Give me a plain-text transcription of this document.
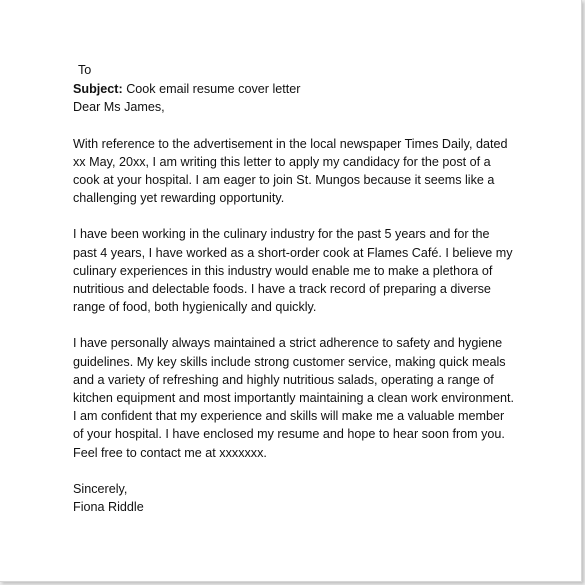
To
Subject: Cook email resume cover letter
Dear Ms James,
With reference to the advertisement in the local newspaper Times Daily, dated
xx May, 20xx, I am writing this letter to apply my candidacy for the post of a
cook at your hospital. I am eager to join St. Mungos because it seems like a
challenging yet rewarding opportunity.
I have been working in the culinary industry for the past 5 years and for the
past 4 years, I have worked as a short-order cook at Flames Café. I believe my
culinary experiences in this industry would enable me to make a plethora of
nutritious and delectable foods. I have a track record of preparing a diverse
range of food, both hygienically and quickly.
I have personally always maintained a strict adherence to safety and hygiene
guidelines. My key skills include strong customer service, making quick meals
and a variety of refreshing and highly nutritious salads, operating a range of
kitchen equipment and most importantly maintaining a clean work environment.
I am confident that my experience and skills will make me a valuable member
of your hospital. I have enclosed my resume and hope to hear soon from you.
Feel free to contact me at xxxxxxx.
Sincerely,
Fiona Riddle
